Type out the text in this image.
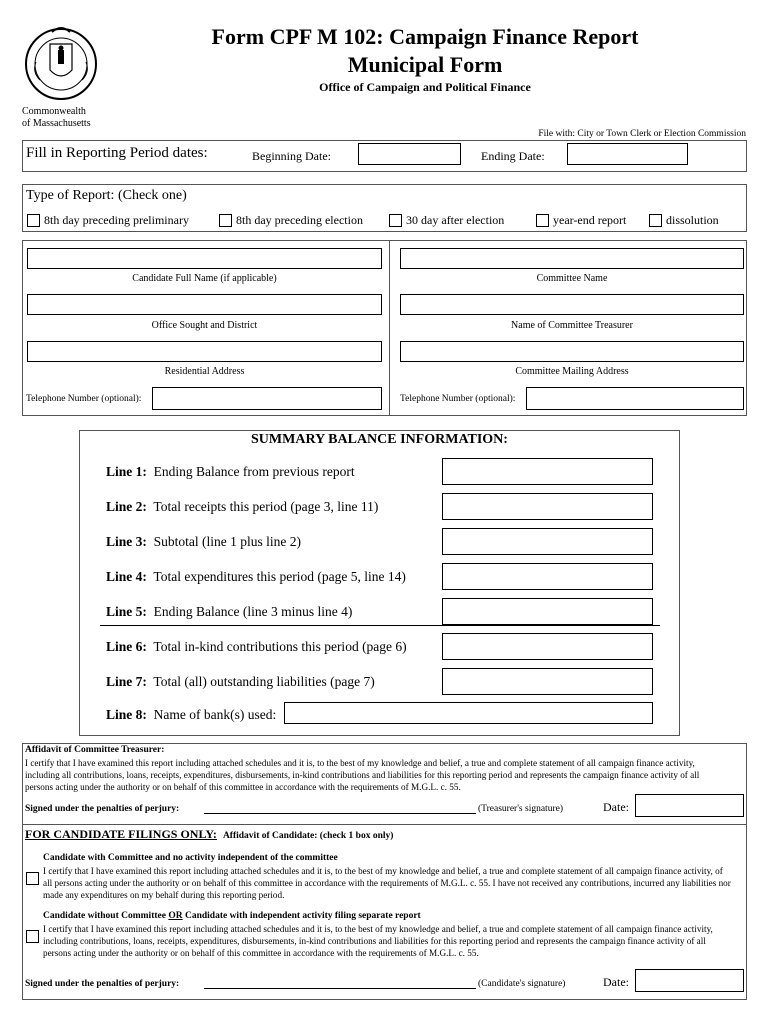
Commonwealth
of Massachusetts
Form CPF M 102: Campaign Finance Report
Municipal Form
Office of Campaign and Political Finance
File with: City or Town Clerk or Election Commission
Fill in Reporting Period dates:	Beginning Date:	Ending Date:
Type of Report: (Check one)
8th day preceding preliminary	8th day preceding election	30 day after election	year-end report	dissolution
Candidate Full Name (if applicable)	Committee Name
Office Sought and District	Name of Committee Treasurer
Residential Address	Committee Mailing Address
Telephone Number (optional):	Telephone Number (optional):
SUMMARY BALANCE INFORMATION:
Line 1: Ending Balance from previous report
Line 2: Total receipts this period (page 3, line 11)
Line 3: Subtotal (line 1 plus line 2)
Line 4: Total expenditures this period (page 5, line 14)
Line 5: Ending Balance (line 3 minus line 4)
Line 6: Total in-kind contributions this period (page 6)
Line 7: Total (all) outstanding liabilities (page 7)
Line 8: Name of bank(s) used:
Affidavit of Committee Treasurer:
I certify that I have examined this report including attached schedules and it is, to the best of my knowledge and belief, a true and complete statement of all campaign finance activity, including all contributions, loans, receipts, expenditures, disbursements, in-kind contributions and liabilities for this reporting period and represents the campaign finance activity of all persons acting under the authority or on behalf of this committee in accordance with the requirements of M.G.L. c. 55.
Signed under the penalties of perjury:	(Treasurer's signature)	Date:
FOR CANDIDATE FILINGS ONLY: Affidavit of Candidate: (check 1 box only)
Candidate with Committee and no activity independent of the committee
I certify that I have examined this report including attached schedules and it is, to the best of my knowledge and belief, a true and complete statement of all campaign finance activity, of all persons acting under the authority or on behalf of this committee in accordance with the requirements of M.G.L. c. 55. I have not received any contributions, incurred any liabilities nor made any expenditures on my behalf during this reporting period.
Candidate without Committee OR Candidate with independent activity filing separate report
I certify that I have examined this report including attached schedules and it is, to the best of my knowledge and belief, a true and complete statement of all campaign finance activity, including contributions, loans, receipts, expenditures, disbursements, in-kind contributions and liabilities for this reporting period and represents the campaign finance activity of all persons acting under the authority or on behalf of this committee in accordance with the requirements of M.G.L. c. 55.
Signed under the penalties of perjury:	(Candidate's signature)	Date:
